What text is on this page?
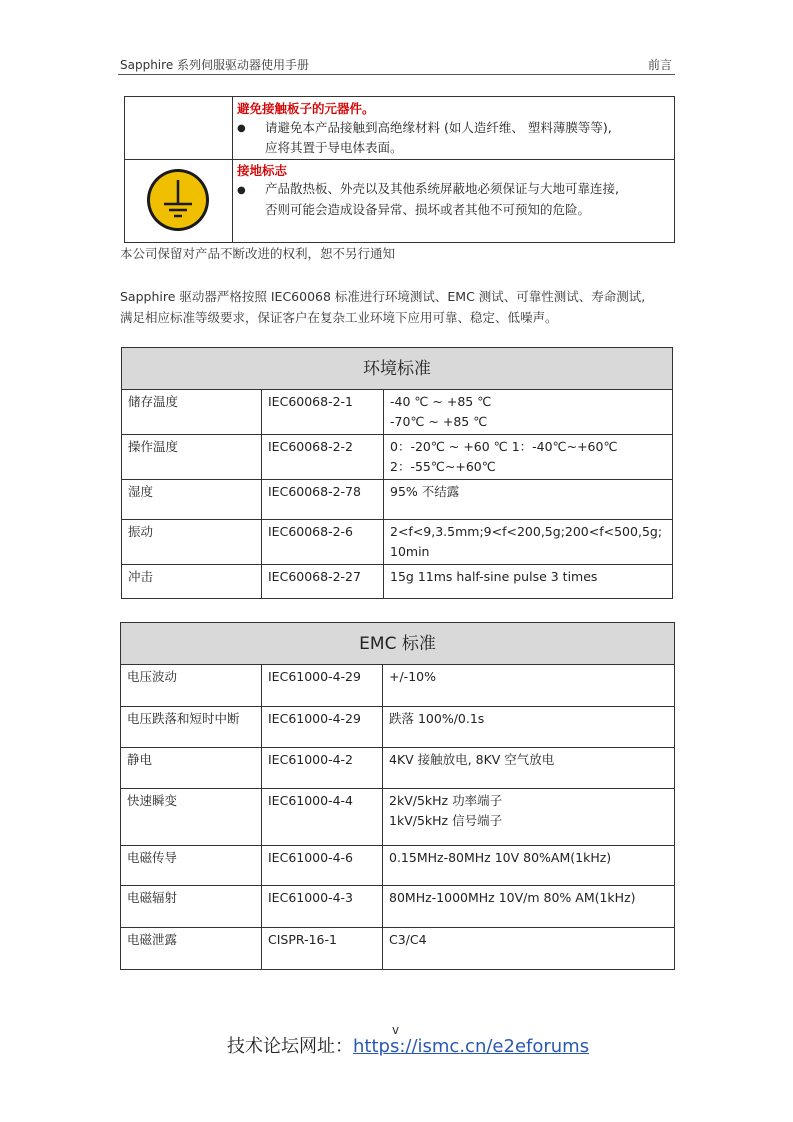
Sapphire 系列伺服驱动器使用手册	前言
避免接触板子的元器件。
● 请避免本产品接触到高绝缘材料 (如人造纤维、 塑料薄膜等等),
应将其置于导电体表面。
接地标志
● 产品散热板、外壳以及其他系统屏蔽地必须保证与大地可靠连接,
否则可能会造成设备异常、损坏或者其他不可预知的危险。
本公司保留对产品不断改进的权利，恕不另行通知
Sapphire 驱动器严格按照 IEC60068 标准进行环境测试、EMC 测试、可靠性测试、寿命测试,
满足相应标准等级要求，保证客户在复杂工业环境下应用可靠、稳定、低噪声。
环境标准		
储存温度	IEC60068-2-1	-40 ℃ ~ +85 ℃
-70℃ ~ +85 ℃

操作温度	IEC60068-2-2	0：-20℃ ~ +60 ℃ 1：-40℃~+60℃
2：-55℃~+60℃

湿度	IEC60068-2-78	95% 不结露

振动	IEC60068-2-6	2<f<9,3.5mm;9<f<200,5g;200<f<500,5g;
10min

冲击	IEC60068-2-27	15g 11ms half-sine pulse 3 times
EMC 标准		
电压波动	IEC61000-4-29	+/-10%

电压跌落和短时中断	IEC61000-4-29	跌落 100%/0.1s

静电	IEC61000-4-2	4KV 接触放电, 8KV 空气放电

快速瞬变	IEC61000-4-4	2kV/5kHz 功率端子
1kV/5kHz 信号端子

电磁传导	IEC61000-4-6	0.15MHz-80MHz 10V 80%AM(1kHz)

电磁辐射	IEC61000-4-3	80MHz-1000MHz 10V/m 80% AM(1kHz)

电磁泄露	CISPR-16-1	C3/C4
v
技术论坛网址：https://ismc.cn/e2eforums
